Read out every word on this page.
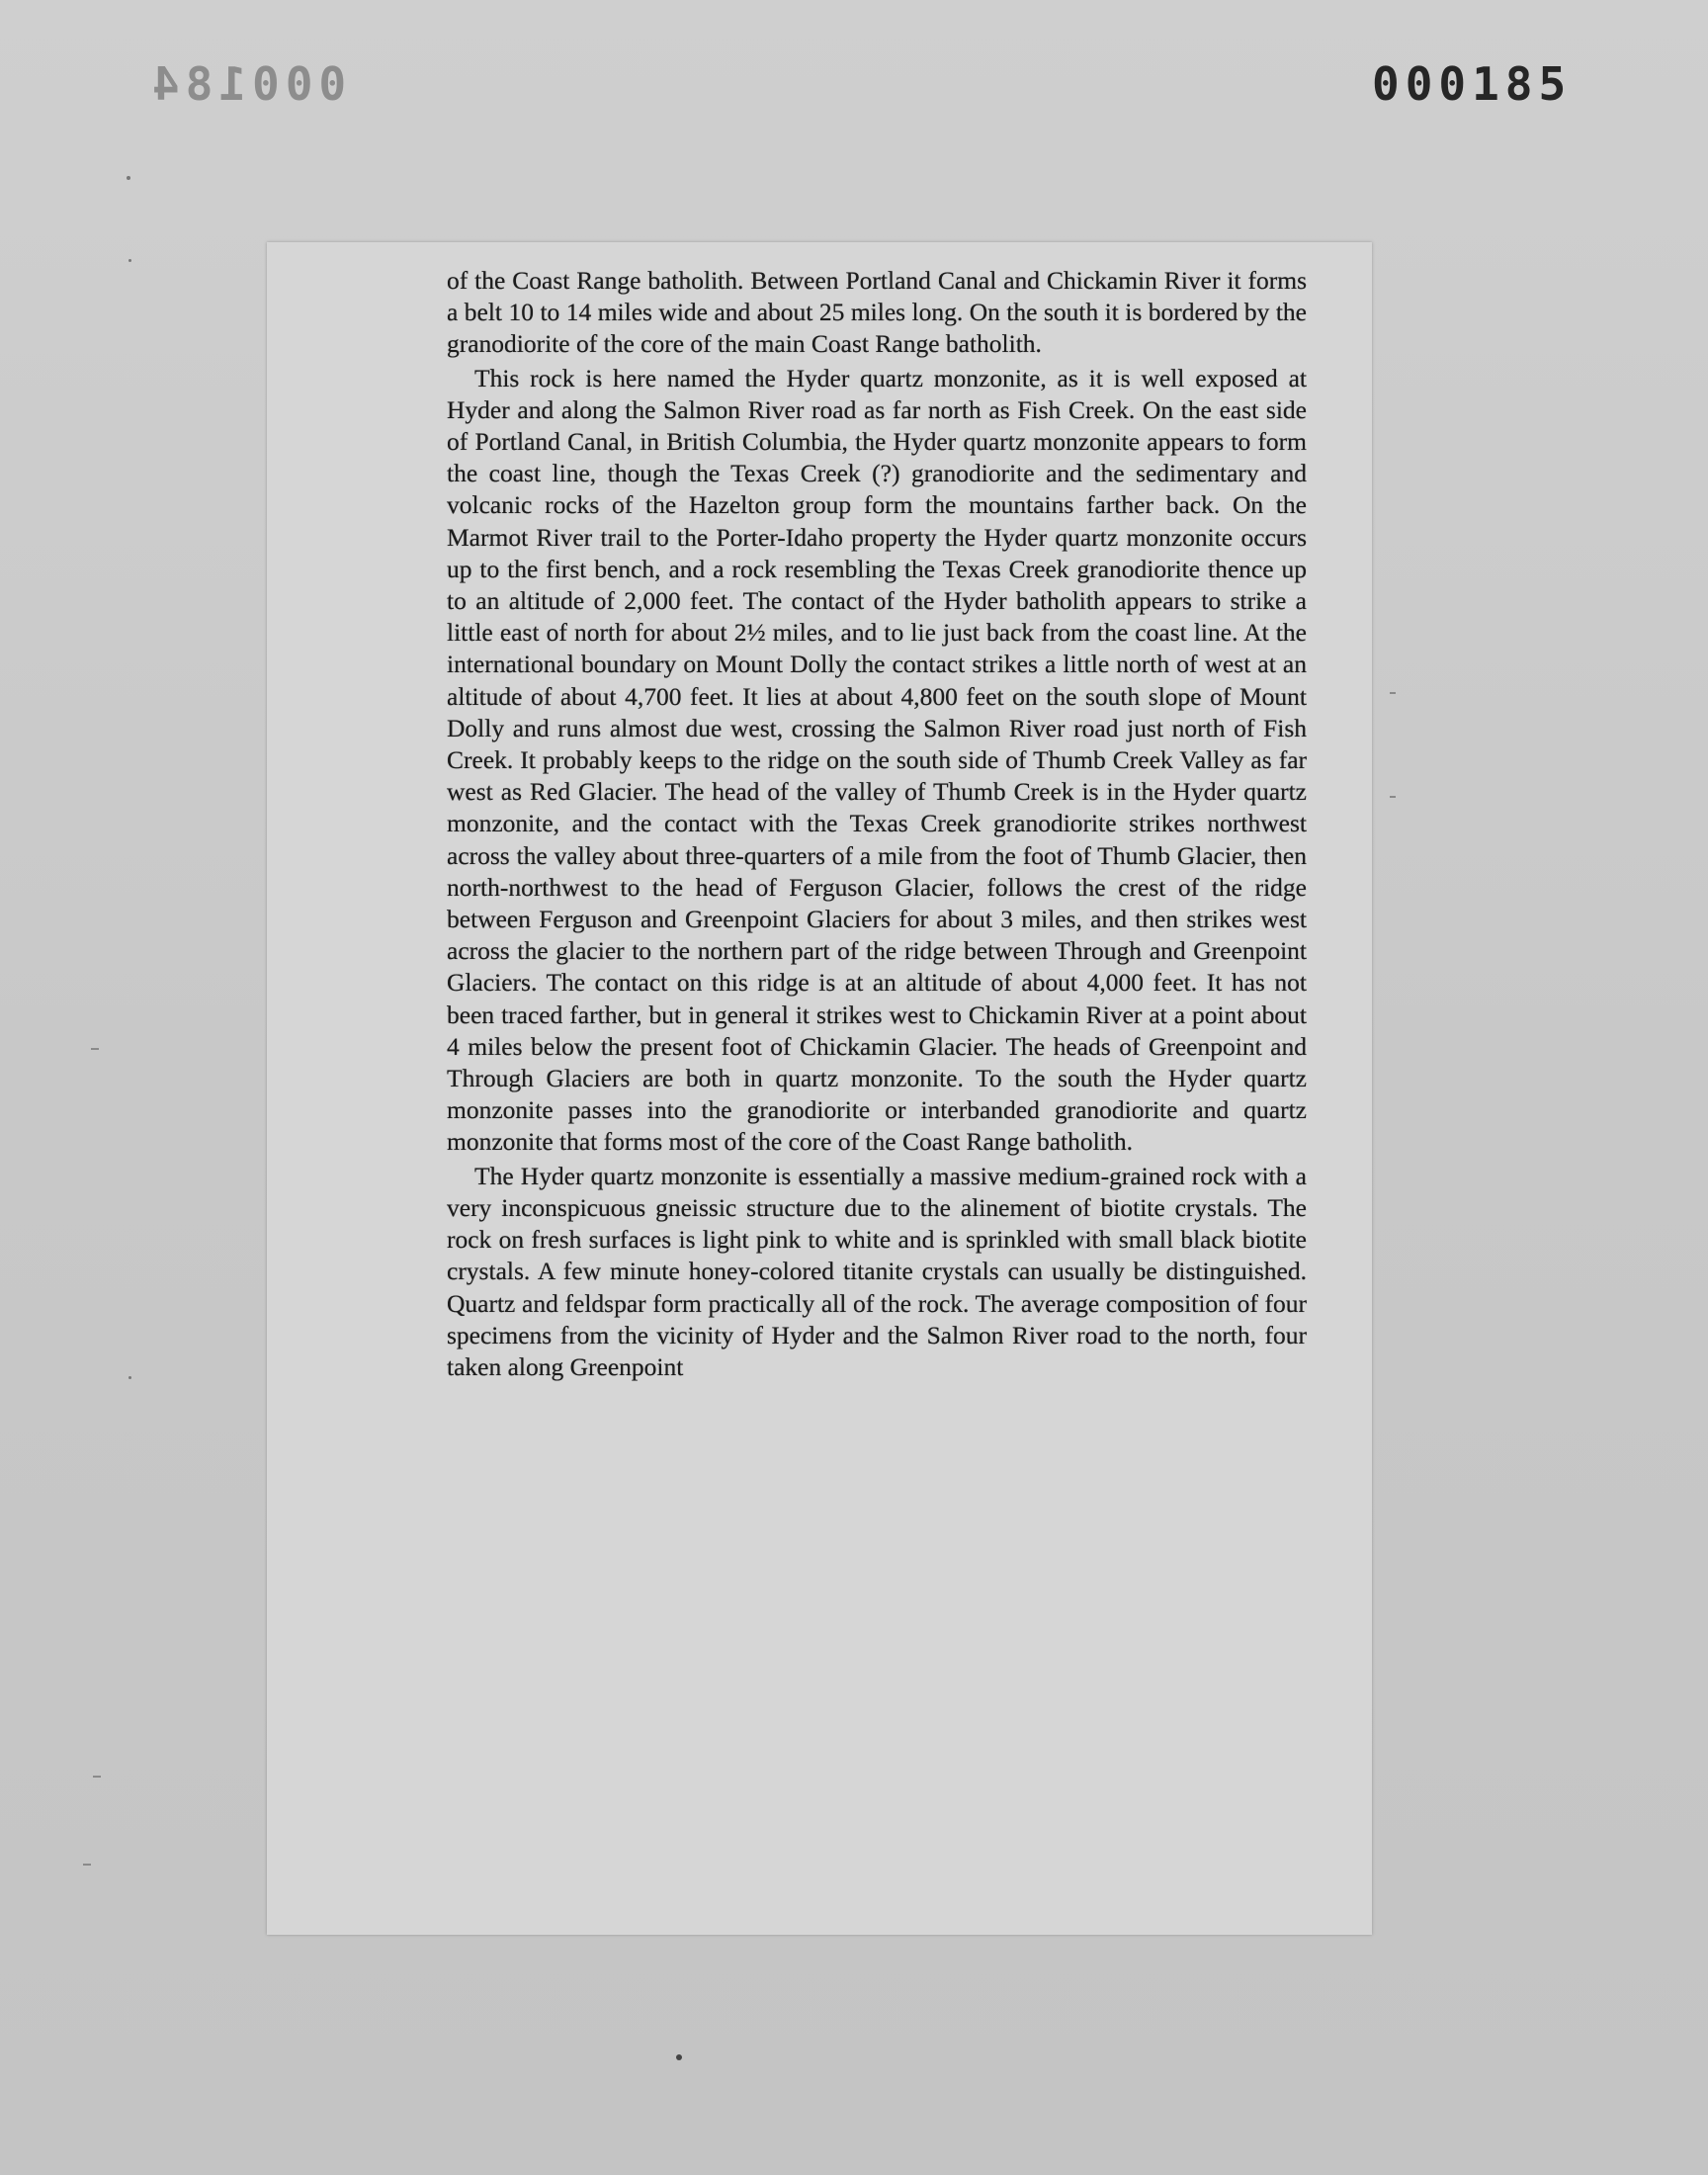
000184	000185

of the Coast Range batholith. Between Portland Canal and Chickamin River it forms a belt 10 to 14 miles wide and about 25 miles long. On the south it is bordered by the granodiorite of the core of the main Coast Range batholith.

This rock is here named the Hyder quartz monzonite, as it is well exposed at Hyder and along the Salmon River road as far north as Fish Creek. On the east side of Portland Canal, in British Columbia, the Hyder quartz monzonite appears to form the coast line, though the Texas Creek (?) granodiorite and the sedimentary and volcanic rocks of the Hazelton group form the mountains farther back. On the Marmot River trail to the Porter-Idaho property the Hyder quartz monzonite occurs up to the first bench, and a rock resembling the Texas Creek granodiorite thence up to an altitude of 2,000 feet. The contact of the Hyder batholith appears to strike a little east of north for about 2½ miles, and to lie just back from the coast line. At the international boundary on Mount Dolly the contact strikes a little north of west at an altitude of about 4,700 feet. It lies at about 4,800 feet on the south slope of Mount Dolly and runs almost due west, crossing the Salmon River road just north of Fish Creek. It probably keeps to the ridge on the south side of Thumb Creek Valley as far west as Red Glacier. The head of the valley of Thumb Creek is in the Hyder quartz monzonite, and the contact with the Texas Creek granodiorite strikes northwest across the valley about three-quarters of a mile from the foot of Thumb Glacier, then north-northwest to the head of Ferguson Glacier, follows the crest of the ridge between Ferguson and Greenpoint Glaciers for about 3 miles, and then strikes west across the glacier to the northern part of the ridge between Through and Greenpoint Glaciers. The contact on this ridge is at an altitude of about 4,000 feet. It has not been traced farther, but in general it strikes west to Chickamin River at a point about 4 miles below the present foot of Chickamin Glacier. The heads of Greenpoint and Through Glaciers are both in quartz monzonite. To the south the Hyder quartz monzonite passes into the granodiorite or interbanded granodiorite and quartz monzonite that forms most of the core of the Coast Range batholith.

The Hyder quartz monzonite is essentially a massive medium-grained rock with a very inconspicuous gneissic structure due to the alinement of biotite crystals. The rock on fresh surfaces is light pink to white and is sprinkled with small black biotite crystals. A few minute honey-colored titanite crystals can usually be distinguished. Quartz and feldspar form practically all of the rock. The average composition of four specimens from the vicinity of Hyder and the Salmon River road to the north, four taken along Greenpoint
